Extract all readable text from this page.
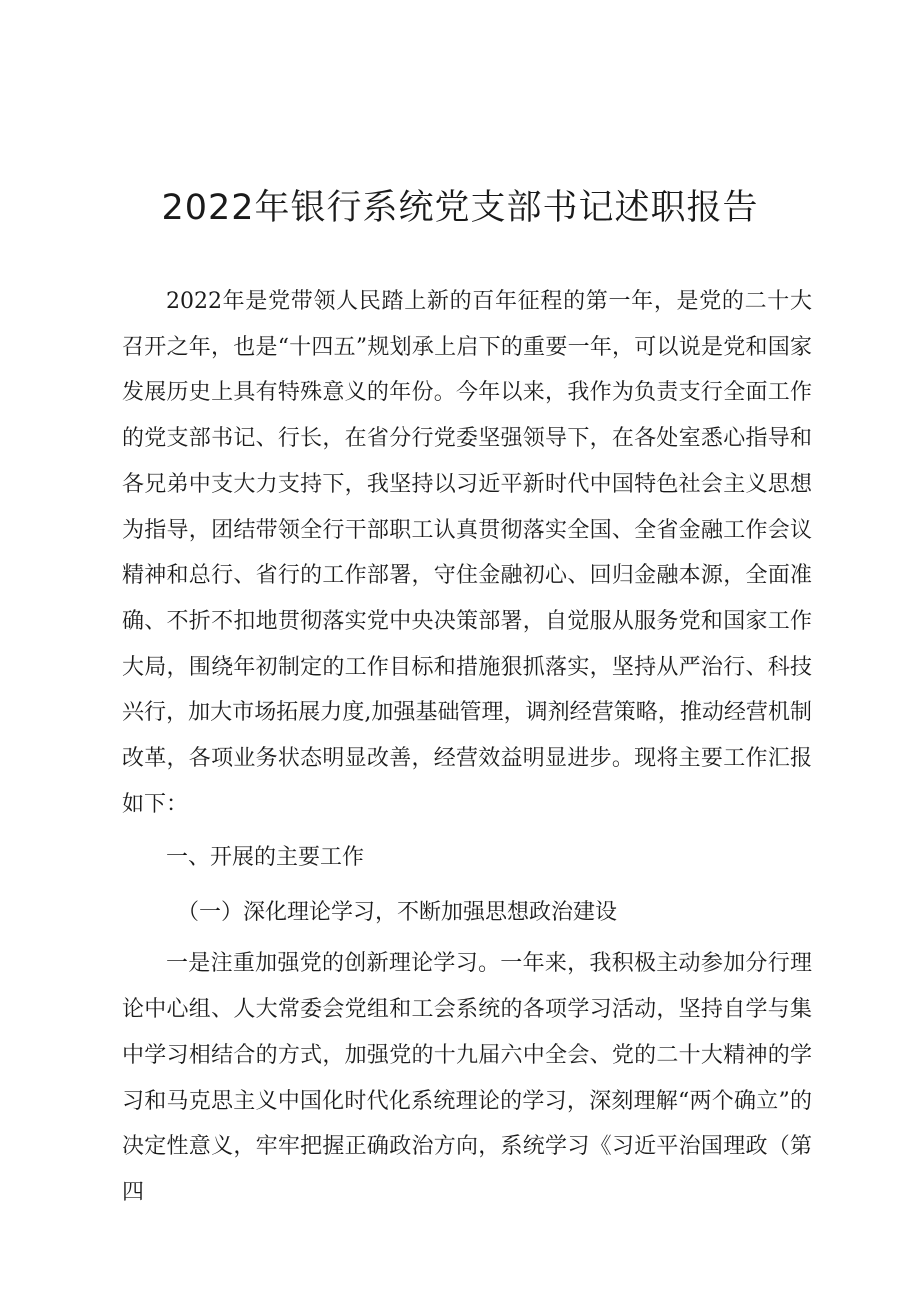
2022年银行系统党支部书记述职报告

2022年是党带领人民踏上新的百年征程的第一年，是党的二十大召开之年，也是“十四五”规划承上启下的重要一年，可以说是党和国家发展历史上具有特殊意义的年份。今年以来，我作为负责支行全面工作的党支部书记、行长，在省分行党委坚强领导下，在各处室悉心指导和各兄弟中支大力支持下，我坚持以习近平新时代中国特色社会主义思想为指导，团结带领全行干部职工认真贯彻落实全国、全省金融工作会议精神和总行、省行的工作部署，守住金融初心、回归金融本源，全面准确、不折不扣地贯彻落实党中央决策部署，自觉服从服务党和国家工作大局，围绕年初制定的工作目标和措施狠抓落实，坚持从严治行、科技兴行，加大市场拓展力度,加强基础管理，调剂经营策略，推动经营机制改革，各项业务状态明显改善，经营效益明显进步。现将主要工作汇报如下：

一、开展的主要工作

（一）深化理论学习，不断加强思想政治建设

一是注重加强党的创新理论学习。一年来，我积极主动参加分行理论中心组、人大常委会党组和工会系统的各项学习活动，坚持自学与集中学习相结合的方式，加强党的十九届六中全会、党的二十大精神的学习和马克思主义中国化时代化系统理论的学习，深刻理解“两个确立”的决定性意义，牢牢把握正确政治方向，系统学习《习近平治国理政（第四
